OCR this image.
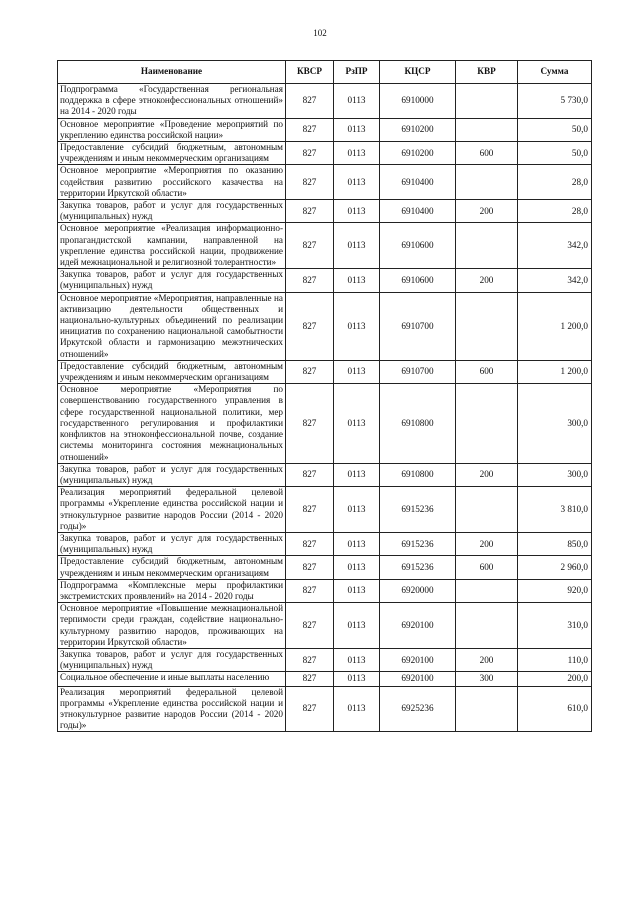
102
Наименование	КВСР	РзПР	КЦСР	КВР	Сумма
Подпрограмма «Государственная региональная поддержка в сфере этноконфессиональных отношений» на 2014 - 2020 годы	827	0113	6910000		5 730,0
Основное мероприятие «Проведение мероприятий по укреплению единства российской нации»	827	0113	6910200		50,0
Предоставление субсидий бюджетным, автономным учреждениям и иным некоммерческим организациям	827	0113	6910200	600	50,0
Основное мероприятие «Мероприятия по оказанию содействия развитию российского казачества на территории Иркутской области»	827	0113	6910400		28,0
Закупка товаров, работ и услуг для государственных (муниципальных) нужд	827	0113	6910400	200	28,0
Основное мероприятие «Реализация информационно-пропагандистской кампании, направленной на укрепление единства российской нации, продвижение идей межнациональной и религиозной толерантности»	827	0113	6910600		342,0
Закупка товаров, работ и услуг для государственных (муниципальных) нужд	827	0113	6910600	200	342,0
Основное мероприятие «Мероприятия, направленные на активизацию деятельности общественных и национально-культурных объединений по реализации инициатив по сохранению национальной самобытности Иркутской области и гармонизацию межэтнических отношений»	827	0113	6910700		1 200,0
Предоставление субсидий бюджетным, автономным учреждениям и иным некоммерческим организациям	827	0113	6910700	600	1 200,0
Основное мероприятие «Мероприятия по совершенствованию государственного управления в сфере государственной национальной политики, мер государственного регулирования и профилактики конфликтов на этноконфессиональной почве, создание системы мониторинга состояния межнациональных отношений»	827	0113	6910800		300,0
Закупка товаров, работ и услуг для государственных (муниципальных) нужд	827	0113	6910800	200	300,0
Реализация мероприятий федеральной целевой программы «Укрепление единства российской нации и этнокультурное развитие народов России (2014 - 2020 годы)»	827	0113	6915236		3 810,0
Закупка товаров, работ и услуг для государственных (муниципальных) нужд	827	0113	6915236	200	850,0
Предоставление субсидий бюджетным, автономным учреждениям и иным некоммерческим организациям	827	0113	6915236	600	2 960,0
Подпрограмма «Комплексные меры профилактики экстремистских проявлений» на 2014 - 2020 годы	827	0113	6920000		920,0
Основное мероприятие «Повышение межнациональной терпимости среди граждан, содействие национально-культурному развитию народов, проживающих на территории Иркутской области»	827	0113	6920100		310,0
Закупка товаров, работ и услуг для государственных (муниципальных) нужд	827	0113	6920100	200	110,0
Социальное обеспечение и иные выплаты населению	827	0113	6920100	300	200,0
Реализация мероприятий федеральной целевой программы «Укрепление единства российской нации и этнокультурное развитие народов России (2014 - 2020 годы)»	827	0113	6925236		610,0
